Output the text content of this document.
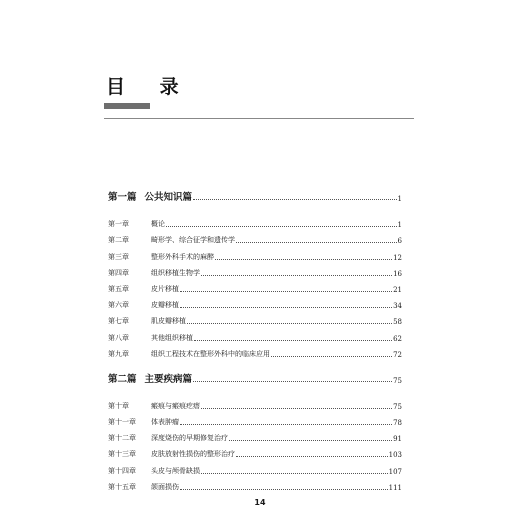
目 录
第一篇 公共知识篇	1
第一章	概论	1
第二章	畸形学、综合征学和遗传学	6
第三章	整形外科手术的麻醉	12
第四章	组织移植生物学	16
第五章	皮片移植	21
第六章	皮瓣移植	34
第七章	肌皮瓣移植	58
第八章	其他组织移植	62
第九章	组织工程技术在整形外科中的临床应用	72
第二篇 主要疾病篇	75
第十章	瘢痕与瘢痕疙瘩	75
第十一章	体表肿瘤	78
第十二章	深度烧伤的早期修复治疗	91
第十三章	皮肤放射性损伤的整形治疗	103
第十四章	头皮与颅骨缺损	107
第十五章	颌面损伤	111
14
